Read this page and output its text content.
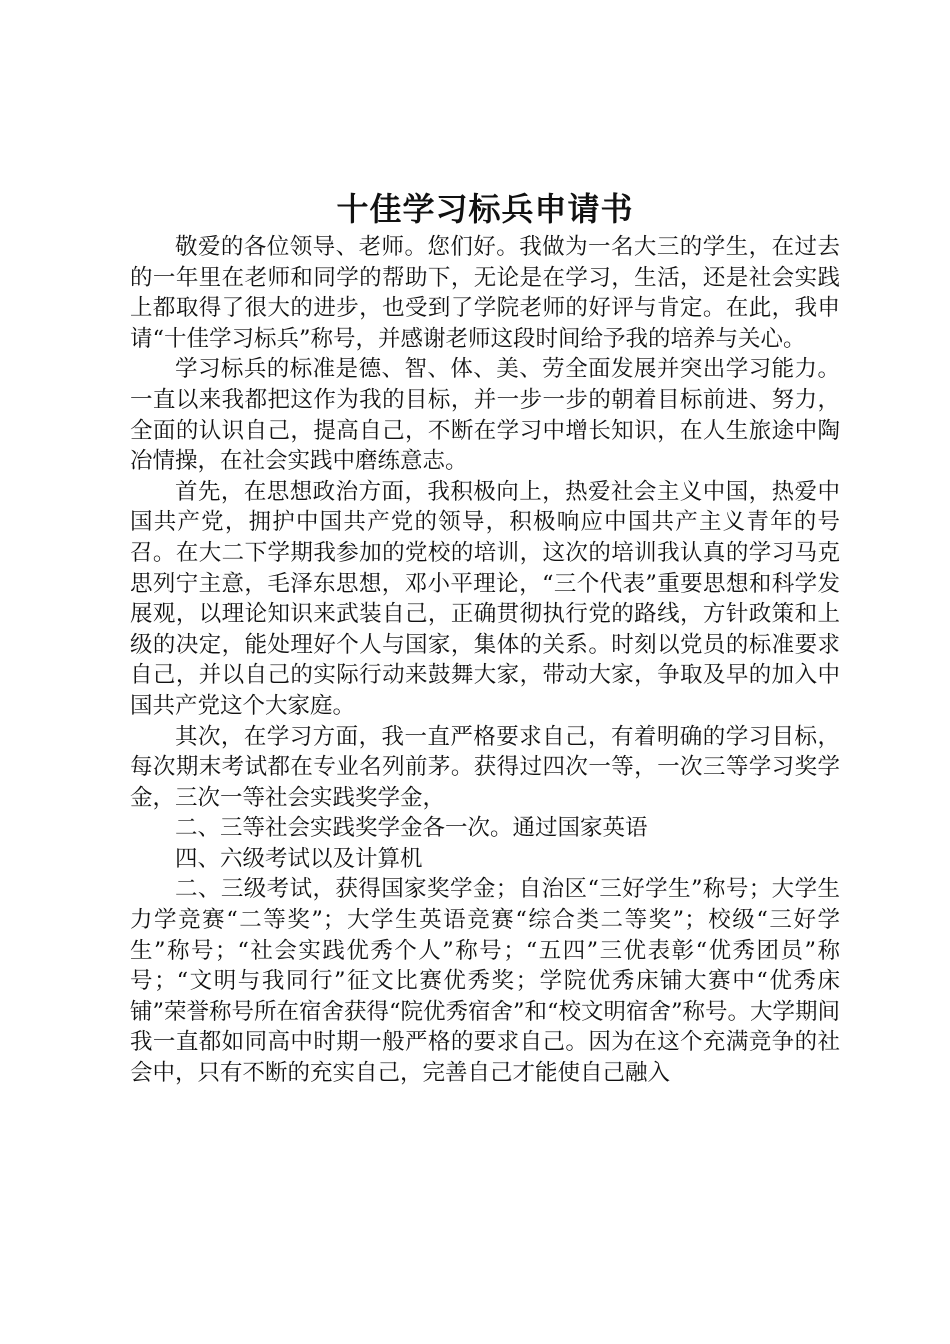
十佳学习标兵申请书

敬爱的各位领导、老师。您们好。我做为一名大三的学生，在过去的一年里在老师和同学的帮助下，无论是在学习，生活，还是社会实践上都取得了很大的进步，也受到了学院老师的好评与肯定。在此，我申请“十佳学习标兵”称号，并感谢老师这段时间给予我的培养与关心。

学习标兵的标准是德、智、体、美、劳全面发展并突出学习能力。一直以来我都把这作为我的目标，并一步一步的朝着目标前进、努力，全面的认识自己，提高自己，不断在学习中增长知识，在人生旅途中陶冶情操，在社会实践中磨练意志。

首先，在思想政治方面，我积极向上，热爱社会主义中国，热爱中国共产党，拥护中国共产党的领导，积极响应中国共产主义青年的号召。在大二下学期我参加的党校的培训，这次的培训我认真的学习马克思列宁主意，毛泽东思想，邓小平理论，“三个代表”重要思想和科学发展观，以理论知识来武装自己，正确贯彻执行党的路线，方针政策和上级的决定，能处理好个人与国家，集体的关系。时刻以党员的标准要求自己，并以自己的实际行动来鼓舞大家，带动大家，争取及早的加入中国共产党这个大家庭。

其次，在学习方面，我一直严格要求自己，有着明确的学习目标，每次期末考试都在专业名列前茅。获得过四次一等，一次三等学习奖学金，三次一等社会实践奖学金，

二、三等社会实践奖学金各一次。通过国家英语

四、六级考试以及计算机

二、三级考试，获得国家奖学金；自治区“三好学生”称号；大学生力学竞赛“二等奖”；大学生英语竞赛“综合类二等奖”；校级“三好学生”称号；“社会实践优秀个人”称号；“五四”三优表彰“优秀团员”称号；“文明与我同行”征文比赛优秀奖；学院优秀床铺大赛中“优秀床铺”荣誉称号所在宿舍获得“院优秀宿舍”和“校文明宿舍”称号。大学期间我一直都如同高中时期一般严格的要求自己。因为在这个充满竞争的社会中，只有不断的充实自己，完善自己才能使自己融入
